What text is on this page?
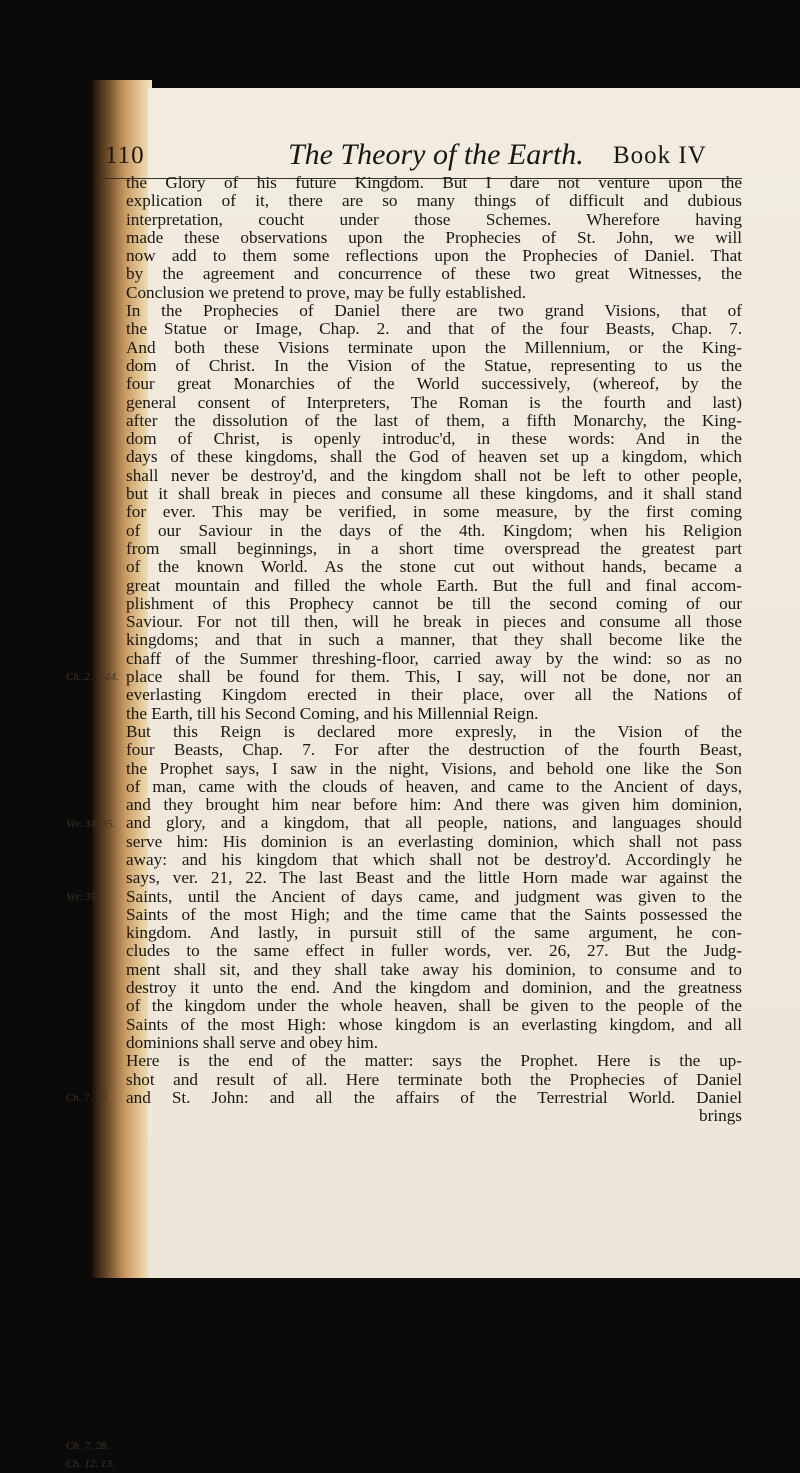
110	The Theory of the Earth. Book IV
Ch. 2. v. 44.
Ver. 34, 35.
Ver. 35.
Ch. 7. 13.
Ch. 7. 28.
Ch. 12. 13.
the Glory of his future Kingdom. But I dare not venture upon the
explication of it, there are so many things of difficult and dubious
interpretation, coucht under those Schemes. Wherefore having
made these observations upon the Prophecies of St. John, we will
now add to them some reflections upon the Prophecies of Daniel. That
by the agreement and concurrence of these two great Witnesses, the
Conclusion we pretend to prove, may be fully established.
In the Prophecies of Daniel there are two grand Visions, that of
the Statue or Image, Chap. 2. and that of the four Beasts, Chap. 7.
And both these Visions terminate upon the Millennium, or the King-
dom of Christ. In the Vision of the Statue, representing to us the
four great Monarchies of the World successively, (whereof, by the
general consent of Interpreters, The Roman is the fourth and last)
after the dissolution of the last of them, a fifth Monarchy, the King-
dom of Christ, is openly introduc'd, in these words: And in the
days of these kingdoms, shall the God of heaven set up a kingdom, which
shall never be destroy'd, and the kingdom shall not be left to other people,
but it shall break in pieces and consume all these kingdoms, and it shall stand
for ever. This may be verified, in some measure, by the first coming
of our Saviour in the days of the 4th. Kingdom; when his Religion
from small beginnings, in a short time overspread the greatest part
of the known World. As the stone cut out without hands, became a
great mountain and filled the whole Earth. But the full and final accom-
plishment of this Prophecy cannot be till the second coming of our
Saviour. For not till then, will he break in pieces and consume all those
kingdoms; and that in such a manner, that they shall become like the
chaff of the Summer threshing-floor, carried away by the wind: so as no
place shall be found for them. This, I say, will not be done, nor an
everlasting Kingdom erected in their place, over all the Nations of
the Earth, till his Second Coming, and his Millennial Reign.
But this Reign is declared more expresly, in the Vision of the
four Beasts, Chap. 7. For after the destruction of the fourth Beast,
the Prophet says, I saw in the night, Visions, and behold one like the Son
of man, came with the clouds of heaven, and came to the Ancient of days,
and they brought him near before him: And there was given him dominion,
and glory, and a kingdom, that all people, nations, and languages should
serve him: His dominion is an everlasting dominion, which shall not pass
away: and his kingdom that which shall not be destroy'd. Accordingly he
says, ver. 21, 22. The last Beast and the little Horn made war against the
Saints, until the Ancient of days came, and judgment was given to the
Saints of the most High; and the time came that the Saints possessed the
kingdom. And lastly, in pursuit still of the same argument, he con-
cludes to the same effect in fuller words, ver. 26, 27. But the Judg-
ment shall sit, and they shall take away his dominion, to consume and to
destroy it unto the end. And the kingdom and dominion, and the greatness
of the kingdom under the whole heaven, shall be given to the people of the
Saints of the most High: whose kingdom is an everlasting kingdom, and all
dominions shall serve and obey him.
Here is the end of the matter: says the Prophet. Here is the up-
shot and result of all. Here terminate both the Prophecies of Daniel
and St. John: and all the affairs of the Terrestrial World. Daniel
brings
